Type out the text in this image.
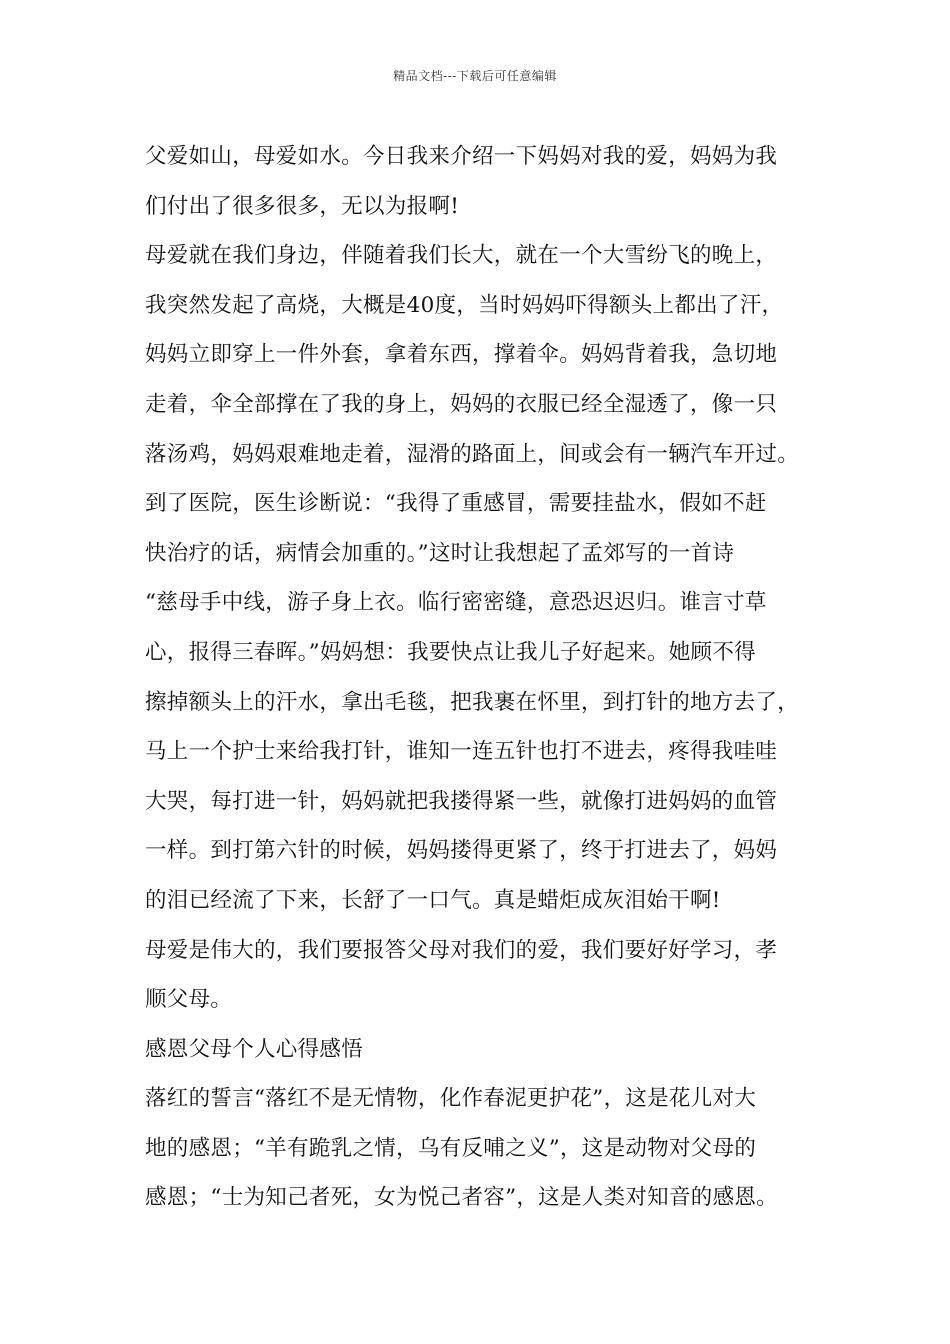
精品文档---下载后可任意编辑
父爱如山，母爱如水。今日我来介绍一下妈妈对我的爱，妈妈为我
们付出了很多很多，无以为报啊!
母爱就在我们身边，伴随着我们长大，就在一个大雪纷飞的晚上，
我突然发起了高烧，大概是40度，当时妈妈吓得额头上都出了汗，
妈妈立即穿上一件外套，拿着东西，撑着伞。妈妈背着我，急切地
走着，伞全部撑在了我的身上，妈妈的衣服已经全湿透了，像一只
落汤鸡，妈妈艰难地走着，湿滑的路面上，间或会有一辆汽车开过。
到了医院，医生诊断说：“我得了重感冒，需要挂盐水，假如不赶
快治疗的话，病情会加重的。”这时让我想起了孟郊写的一首诗
“慈母手中线，游子身上衣。临行密密缝，意恐迟迟归。谁言寸草
心，报得三春晖。”妈妈想：我要快点让我儿子好起来。她顾不得
擦掉额头上的汗水，拿出毛毯，把我裹在怀里，到打针的地方去了，
马上一个护士来给我打针，谁知一连五针也打不进去，疼得我哇哇
大哭，每打进一针，妈妈就把我搂得紧一些，就像打进妈妈的血管
一样。到打第六针的时候，妈妈搂得更紧了，终于打进去了，妈妈
的泪已经流了下来，长舒了一口气。真是蜡炬成灰泪始干啊!
母爱是伟大的，我们要报答父母对我们的爱，我们要好好学习，孝
顺父母。
感恩父母个人心得感悟
落红的誓言“落红不是无情物，化作春泥更护花”，这是花儿对大
地的感恩；“羊有跪乳之情，乌有反哺之义”，这是动物对父母的
感恩；“士为知己者死，女为悦己者容”，这是人类对知音的感恩。
